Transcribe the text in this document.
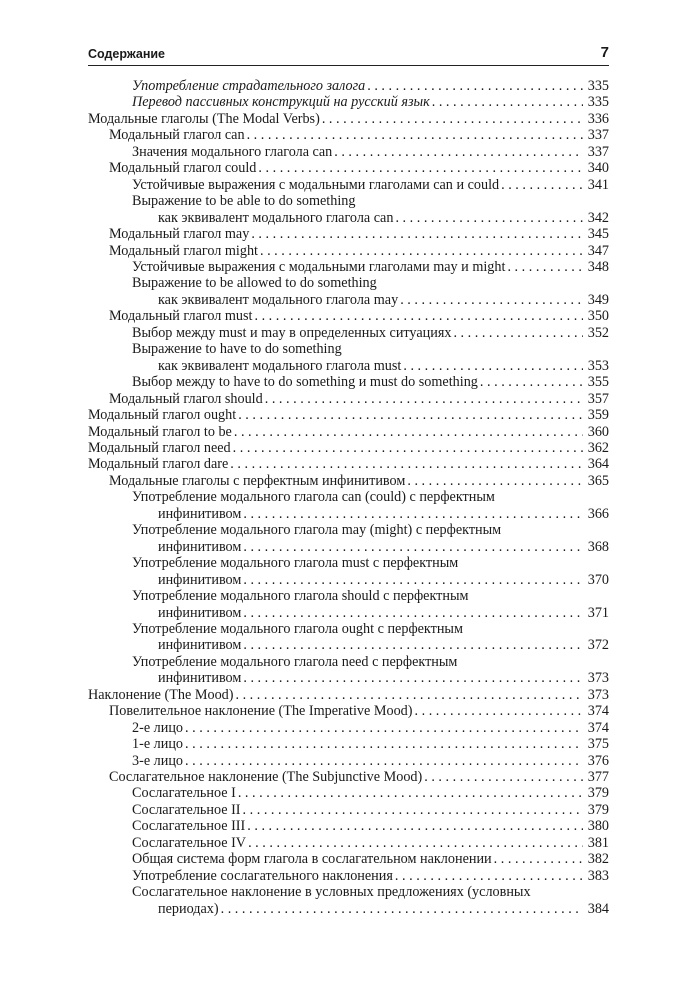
Содержание	7
Употребление страдательного залога . . .	335
Перевод пассивных конструкций на русский язык . . .	335
Модальные глаголы (The Modal Verbs) . . .	336
Модальный глагол can . . .	337
Значения модального глагола can . . .	337
Модальный глагол could . . .	340
Устойчивые выражения с модальными глаголами can и could . . .	341
Выражение to be able to do something
как эквивалент модального глагола can . . .	342
Модальный глагол may . . .	345
Модальный глагол might . . .	347
Устойчивые выражения с модальными глаголами may и might . . .	348
Выражение to be allowed to do something
как эквивалент модального глагола may . . .	349
Модальный глагол must . . .	350
Выбор между must и may в определенных ситуациях . . .	352
Выражение to have to do something
как эквивалент модального глагола must . . .	353
Выбор между to have to do something и must do something . . .	355
Модальный глагол should . . .	357
Модальный глагол ought . . .	359
Модальный глагол to be . . .	360
Модальный глагол need . . .	362
Модальный глагол dare . . .	364
Модальные глаголы с перфектным инфинитивом . . .	365
Употребление модального глагола can (could) с перфектным
инфинитивом . . .	366
Употребление модального глагола may (might) с перфектным
инфинитивом . . .	368
Употребление модального глагола must с перфектным
инфинитивом . . .	370
Употребление модального глагола should с перфектным
инфинитивом . . .	371
Употребление модального глагола ought с перфектным
инфинитивом . . .	372
Употребление модального глагола need с перфектным
инфинитивом . . .	373
Наклонение (The Mood) . . .	373
Повелительное наклонение (The Imperative Mood) . . .	374
2-е лицо . . .	374
1-е лицо . . .	375
3-е лицо . . .	376
Сослагательное наклонение (The Subjunctive Mood) . . .	377
Сослагательное I . . .	379
Сослагательное II . . .	379
Сослагательное III . . .	380
Сослагательное IV . . .	381
Общая система форм глагола в сослагательном наклонении . . .	382
Употребление сослагательного наклонения . . .	383
Сослагательное наклонение в условных предложениях (условных
периодах) . . .	384
